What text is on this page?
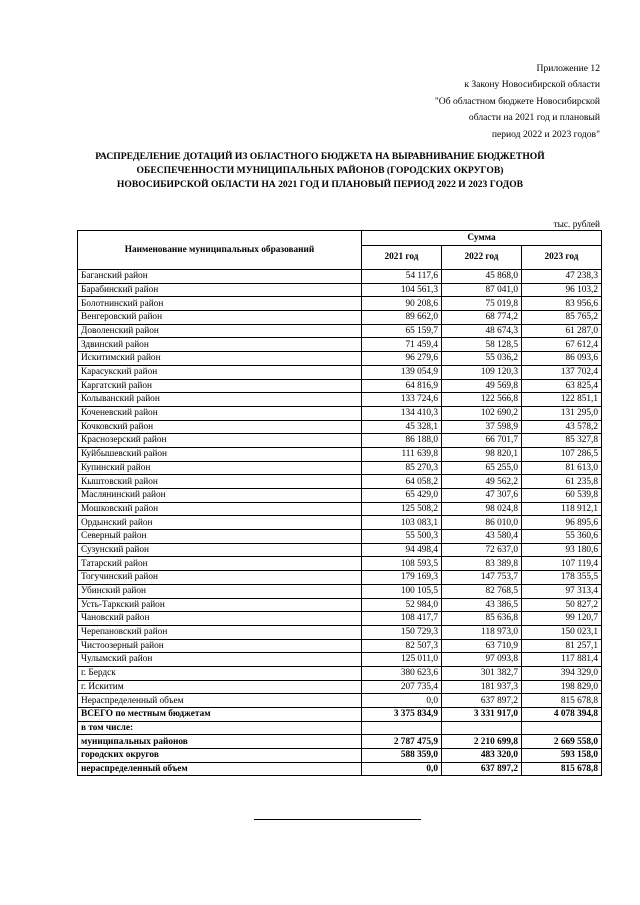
Приложение 12
к Закону Новосибирской области
"Об областном бюджете Новосибирской
области на 2021 год и плановый
период 2022 и 2023 годов"
РАСПРЕДЕЛЕНИЕ ДОТАЦИЙ ИЗ ОБЛАСТНОГО БЮДЖЕТА НА ВЫРАВНИВАНИЕ БЮДЖЕТНОЙ
ОБЕСПЕЧЕННОСТИ МУНИЦИПАЛЬНЫХ РАЙОНОВ (ГОРОДСКИХ ОКРУГОВ)
НОВОСИБИРСКОЙ ОБЛАСТИ НА 2021 ГОД И ПЛАНОВЫЙ ПЕРИОД 2022 И 2023 ГОДОВ
тыс. рублей
Наименование муниципальных образований	Сумма		
	2021 год	2022 год	2023 год
Баганский район	54 117,6	45 868,0	47 238,3
Барабинский район	104 561,3	87 041,0	96 103,2
Болотнинский район	90 208,6	75 019,8	83 956,6
Венгеровский район	89 662,0	68 774,2	85 765,2
Доволенский район	65 159,7	48 674,3	61 287,0
Здвинский район	71 459,4	58 128,5	67 612,4
Искитимский район	96 279,6	55 036,2	86 093,6
Карасукский район	139 054,9	109 120,3	137 702,4
Каргатский район	64 816,9	49 569,8	63 825,4
Колыванский район	133 724,6	122 566,8	122 851,1
Коченевский район	134 410,3	102 690,2	131 295,0
Кочковский район	45 328,1	37 598,9	43 578,2
Краснозерский район	86 188,0	66 701,7	85 327,8
Куйбышевский район	111 639,8	98 820,1	107 286,5
Купинский район	85 270,3	65 255,0	81 613,0
Кыштовский район	64 058,2	49 562,2	61 235,8
Маслянинский район	65 429,0	47 307,6	60 539,8
Мошковский район	125 508,2	98 024,8	118 912,1
Ордынский район	103 083,1	86 010,0	96 895,6
Северный район	55 500,3	43 580,4	55 360,6
Сузунский район	94 498,4	72 637,0	93 180,6
Татарский район	108 593,5	83 389,8	107 119,4
Тогучинский район	179 169,3	147 753,7	178 355,5
Убинский район	100 105,5	82 768,5	97 313,4
Усть-Таркский район	52 984,0	43 386,5	50 827,2
Чановский район	108 417,7	85 636,8	99 120,7
Черепановский район	150 729,3	118 973,0	150 023,1
Чистоозерный район	82 507,3	63 710,9	81 257,1
Чулымский район	125 011,0	97 093,8	117 881,4
г. Бердск	380 623,6	301 382,7	394 329,0
г. Искитим	207 735,4	181 937,3	198 829,0
Нераспределенный объем	0,0	637 897,2	815 678,8
ВСЕГО по местным бюджетам	3 375 834,9	3 331 917,0	4 078 394,8
в том числе:			
муниципальных районов	2 787 475,9	2 210 699,8	2 669 558,0
городских округов	588 359,0	483 320,0	593 158,0
нераспределенный объем	0,0	637 897,2	815 678,8
